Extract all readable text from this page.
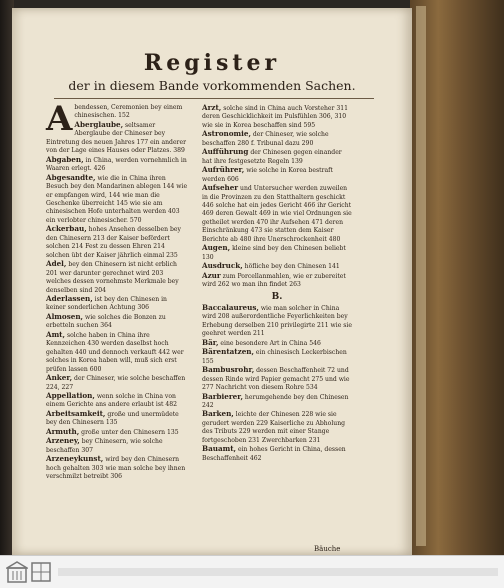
Register
der in diesem Bande vorkommenden Sachen.

Abendessen, Ceremonien bey einem chinesischen. 152

Aberglaube, seltsamer Aberglaube der Chineser bey Eintretung des neuen Jahres 177 ein anderer von der Lage eines Hauses oder Platzes. 389

Abgaben, in China, werden vornehmlich in Waaren erlegt. 426

Abgesandte, wie die in China ihren Besuch bey den Mandarinen ablegen 144 wie er empfangen wird, 144 wie man die Geschenke überreicht 145 wie sie am chinesischen Hofe unterhalten werden 403 ein verlobter chinesischer. 570

Ackerbau, hohes Ansehen desselben bey den Chinesern 213 der Kaiser befördert solchen 214 Fest zu dessen Ehren 214 solchen übt der Kaiser jährlich einmal 235

Adel, bey den Chinesern ist nicht erblich 201 wer darunter gerechnet wird 203 welches dessen vornehmste Merkmale bey denselben sind 204

Aderlassen, ist bey den Chinesen in keiner sonderlichen Achtung 306

Almosen, wie solches die Bonzen zu erbetteln suchen 364

Amt, solche haben in China ihre Kennzeichen 430 werden daselbst hoch gehalten 440 und dennoch verkauft 442 wer solches in Korea haben will, muß sich erst prüfen lassen 600

Anker, der Chineser, wie solche beschaffen 224, 227

Appellation, wenn solche in China von einem Gerichte ans andere erlaubt ist 482

Arbeitsamkeit, große und unermüdete bey den Chinesern 135

Armuth, große unter den Chinesern 135

Arzeney, bey Chinesern, wie solche beschaffen 307

Arzeneykunst, wird bey den Chinesern hoch gehalten 303 wie man solche bey ihnen verschmilzt betreibt 306

Arzt, solche sind in China auch Vorsteher 311 deren Geschicklichkeit im Pulsfühlen 306, 310 wie sie in Korea beschaffen sind 595

Astronomie, der Chineser, wie solche beschaffen 280 f. Tribunal dazu 290

Aufführung der Chinesen gegen einander hat ihre festgesetzte Regeln 139

Aufrührer, wie solche in Korea bestraft werden 606

Aufseher und Untersucher werden zuweilen in die Provinzen zu den Statthaltern geschickt 446 solche hat ein jedes Gericht 466 ihr Gericht 469 deren Gewalt 469 in wie viel Ordnungen sie getheilet werden 470 ihr Aufsehen 471 deren Einschränkung 473 sie statten dem Kaiser Berichte ab 480 ihre Unerschrockenheit 480

Augen, kleine sind bey den Chinesen beliebt 130

Ausdruck, höfliche bey den Chinesen 141

Azur zum Porcellanmahlen, wie er zubereitet wird 262 wo man ihn findet 263

B.

Baccalaureus, wie man solcher in China wird 208 außerordentliche Feyerlichkeiten bey Erhebung derselben 210 privilegirte 211 wie sie geehret werden 211

Bär, eine besondere Art in China 546

Bärentatzen, ein chinesisch Leckerbischen 155

Bambusrohr, dessen Beschaffenheit 72 und dessen Rinde wird Papier gemacht 275 und wie 277 Nachricht von diesem Rohre 534

Barbierer, herumgehende bey den Chinesen 242

Barken, leichte der Chinesen 228 wie sie gerudert werden 229 Kaiserliche zu Abholung des Tributs 229 werden mit einer Stange fortgeschoben 231 Zwerchbarken 231

Bauamt, ein hohes Gericht in China, dessen Beschaffenheit 462

Bäuche
